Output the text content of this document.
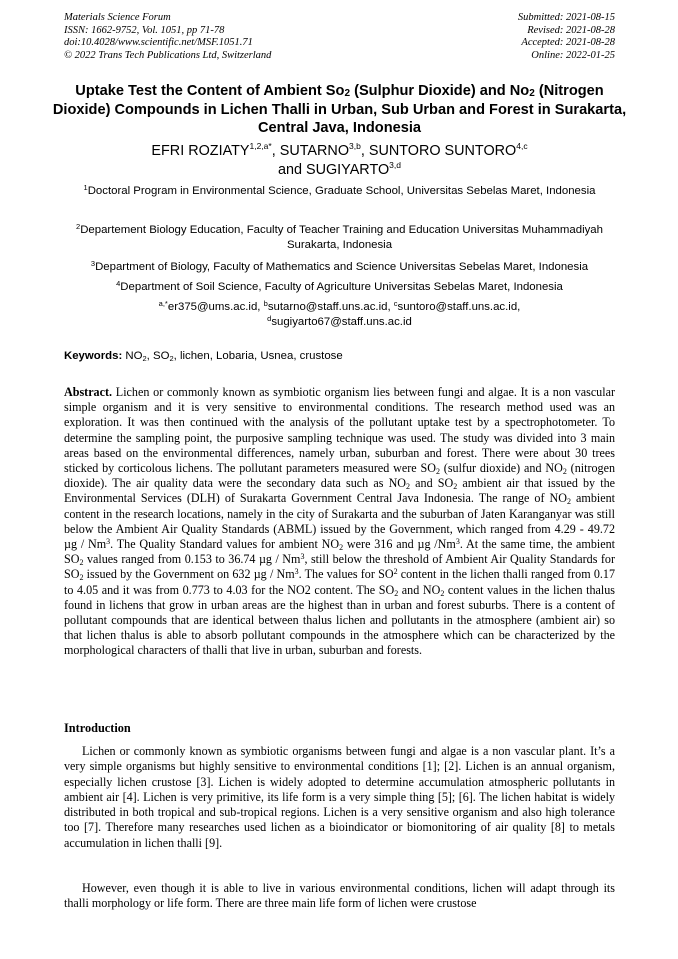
Materials Science Forum
ISSN: 1662-9752, Vol. 1051, pp 71-78
doi:10.4028/www.scientific.net/MSF.1051.71
© 2022 Trans Tech Publications Ltd, Switzerland
Submitted: 2021-08-15
Revised: 2021-08-28
Accepted: 2021-08-28
Online: 2022-01-25
Uptake Test the Content of Ambient $So_2$ (Sulphur Dioxide) and $No_2$ (Nitrogen Dioxide) Compounds in Lichen Thalli in Urban, Sub Urban and Forest in Surakarta, Central Java, Indonesia
EFRI $ROZIATY^{1,2,a*}$, SUTARNO$^{3,b}$, SUNTORO SUNTORO$^{4,c}$
and SUGIYARTO$^{3,d}$
$^1$Doctoral Program in Environmental Science, Graduate School, Universitas Sebelas Maret, Indonesia
$^2$Departement Biology Education, Faculty of Teacher Training and Education Universitas Muhammadiyah Surakarta, Indonesia
$^3$Department of Biology, Faculty of Mathematics and Science Universitas Sebelas Maret, Indonesia
$^4$Department of Soil Science, Faculty of Agriculture Universitas Sebelas Maret, Indonesia
$^{a,*}$er375@ums.ac.id, $^b$sutarno@staff.uns.ac.id, $^c$suntoro@staff.uns.ac.id,
$^d$sugiyarto67@staff.uns.ac.id
Keywords: $NO_2$, $SO_2$, lichen, Lobaria, Usnea, crustose
Abstract. Lichen or commonly known as symbiotic organism lies between fungi and algae. It is a non vascular simple organism and it is very sensitive to environmental conditions. The research method used was an exploration. It was then continued with the analysis of the pollutant uptake test by a spectrophotometer. To determine the sampling point, the purposive sampling technique was used. The study was divided into 3 main areas based on the environmental differences, namely urban, suburban and forest. There were about 30 trees sticked by corticolous lichens. The pollutant parameters measured were $SO_2$ (sulfur dioxide) and $NO_2$ (nitrogen dioxide). The air quality data were the secondary data such as $NO_2$ and $SO_2$ ambient air that issued by the Environmental Services (DLH) of Surakarta Government Central Java Indonesia. The range of $NO_2$ ambient content in the research locations, namely in the city of Surakarta and the suburban of Jaten Karanganyar was still below the Ambient Air Quality Standards (ABML) issued by the Government, which ranged from 4.29 - 49.72 µg / Nm$^3$. The Quality Standard values for ambient $NO_2$ were 316 and µg /Nm$^3$. At the same time, the ambient $SO_2$ values ranged from 0.153 to 36.74 µg / Nm$^3$, still below the threshold of Ambient Air Quality Standards for $SO_2$ issued by the Government on 632 µg / Nm$^3$. The values for $SO^2$ content in the lichen thalli ranged from 0.17 to 4.05 and it was from 0.773 to 4.03 for the NO2 content. The $SO_2$ and $NO_2$ content values in the lichen thalus found in lichens that grow in urban areas are the highest than in urban and forest suburbs. There is a content of pollutant compounds that are identical between thalus lichen and pollutants in the atmosphere (ambient air) so that lichen thalus is able to absorb pollutant compounds in the atmosphere which can be characterized by the morphological characters of thalli that live in urban, suburban and forests.
Introduction
Lichen or commonly known as symbiotic organisms between fungi and algae is a non vascular plant. It’s a very simple organisms but highly sensitive to environmental conditions [1]; [2]. Lichen is an annual organism, especially lichen crustose [3]. Lichen is widely adopted to determine accumulation atmospheric pollutants in ambient air [4]. Lichen is very primitive, its life form is a very simple thing [5]; [6]. The lichen habitat is widely distributed in both tropical and sub-tropical regions. Lichen is a very sensitive organism and also high tolerance too [7]. Therefore many researches used lichen as a bioindicator or biomonitoring of air quality [8] to metals accumulation in lichen thalli [9].
However, even though it is able to live in various environmental conditions, lichen will adapt through its thalli morphology or life form. There are three main life form of lichen were crustose
